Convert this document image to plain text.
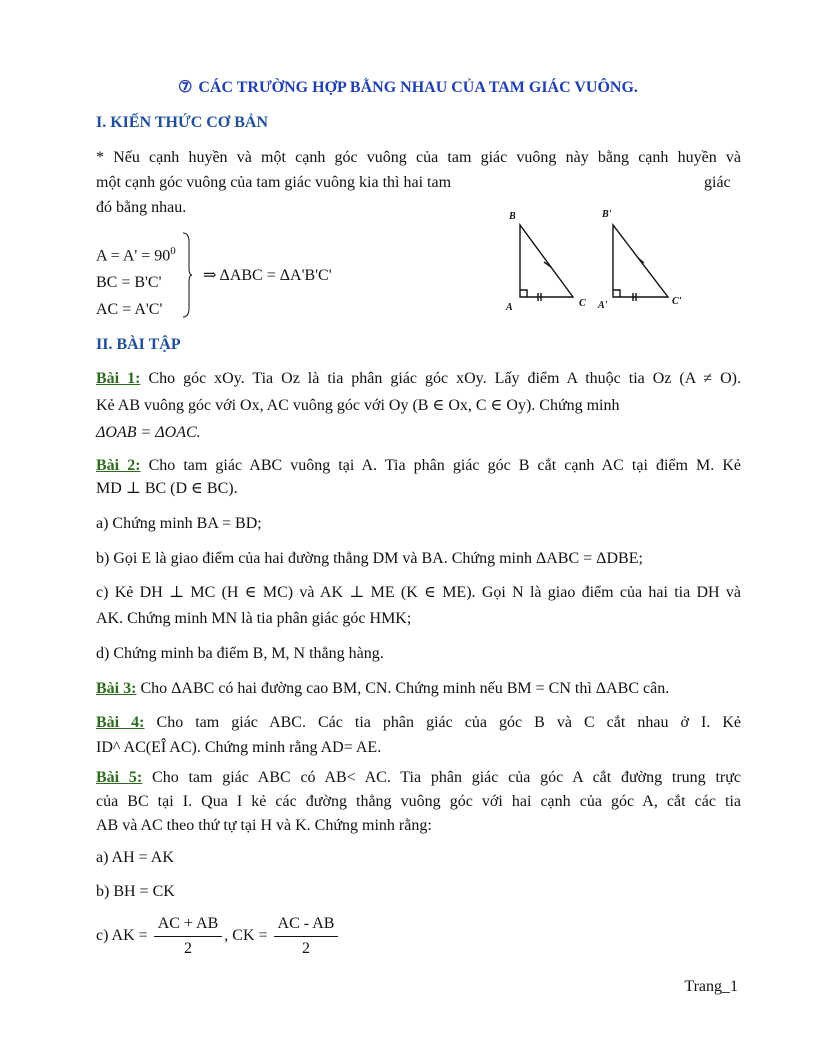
⑦ CÁC TRƯỜNG HỢP BẰNG NHAU CỦA TAM GIÁC VUÔNG.
I. KIẾN THỨC CƠ BẢN
* Nếu cạnh huyền và một cạnh góc vuông của tam giác vuông này bằng cạnh huyền và
một cạnh góc vuông của tam giác vuông kia thì hai tam	giác
đó bằng nhau.
$A = A' = 90^0$
BC = B'C'
AC = A'C'
⇒ ΔABC = ΔA'B'C'
B
A	C
B'
A'	C'
II. BÀI TẬP
Bài 1: Cho góc xOy. Tia Oz là tia phân giác góc xOy. Lấy điểm A thuộc tia Oz (A ≠ O).
Kẻ AB vuông góc với Ox, AC vuông góc với Oy (B ∈ Ox, C ∈ Oy). Chứng minh
ΔOAB = ΔOAC.
Bài 2: Cho tam giác ABC vuông tại A. Tia phân giác góc B cắt cạnh AC tại điểm M. Kẻ
MD ⊥ BC (D ∈ BC).
a) Chứng minh BA = BD;
b) Gọi E là giao điểm của hai đường thẳng DM và BA. Chứng minh ΔABC = ΔDBE;
c) Kẻ DH ⊥ MC (H ∈ MC) và AK ⊥ ME (K ∈ ME). Gọi N là giao điểm của hai tia DH và
AK. Chứng minh MN là tia phân giác góc HMK;
d) Chứng minh ba điểm B, M, N thẳng hàng.
Bài 3: Cho ΔABC có hai đường cao BM, CN. Chứng minh nếu BM = CN thì ΔABC cân.
Bài 4: Cho tam giác ABC. Các tia phân giác của góc B và C cắt nhau ở I. Kẻ
ID^ AC(EÎ AC). Chứng minh rằng AD= AE.
Bài 5: Cho tam giác ABC có AB< AC. Tia phân giác của góc A cắt đường trung trực
của BC tại I. Qua I kẻ các đường thẳng vuông góc với hai cạnh của góc A, cắt các tia
AB và AC theo thứ tự tại H và K. Chứng minh rằng:
a) AH = AK
b) BH = CK
c) AK = $\frac{AC + AB}{2}$ , CK = $\frac{AC - AB}{2}$
Trang_1
